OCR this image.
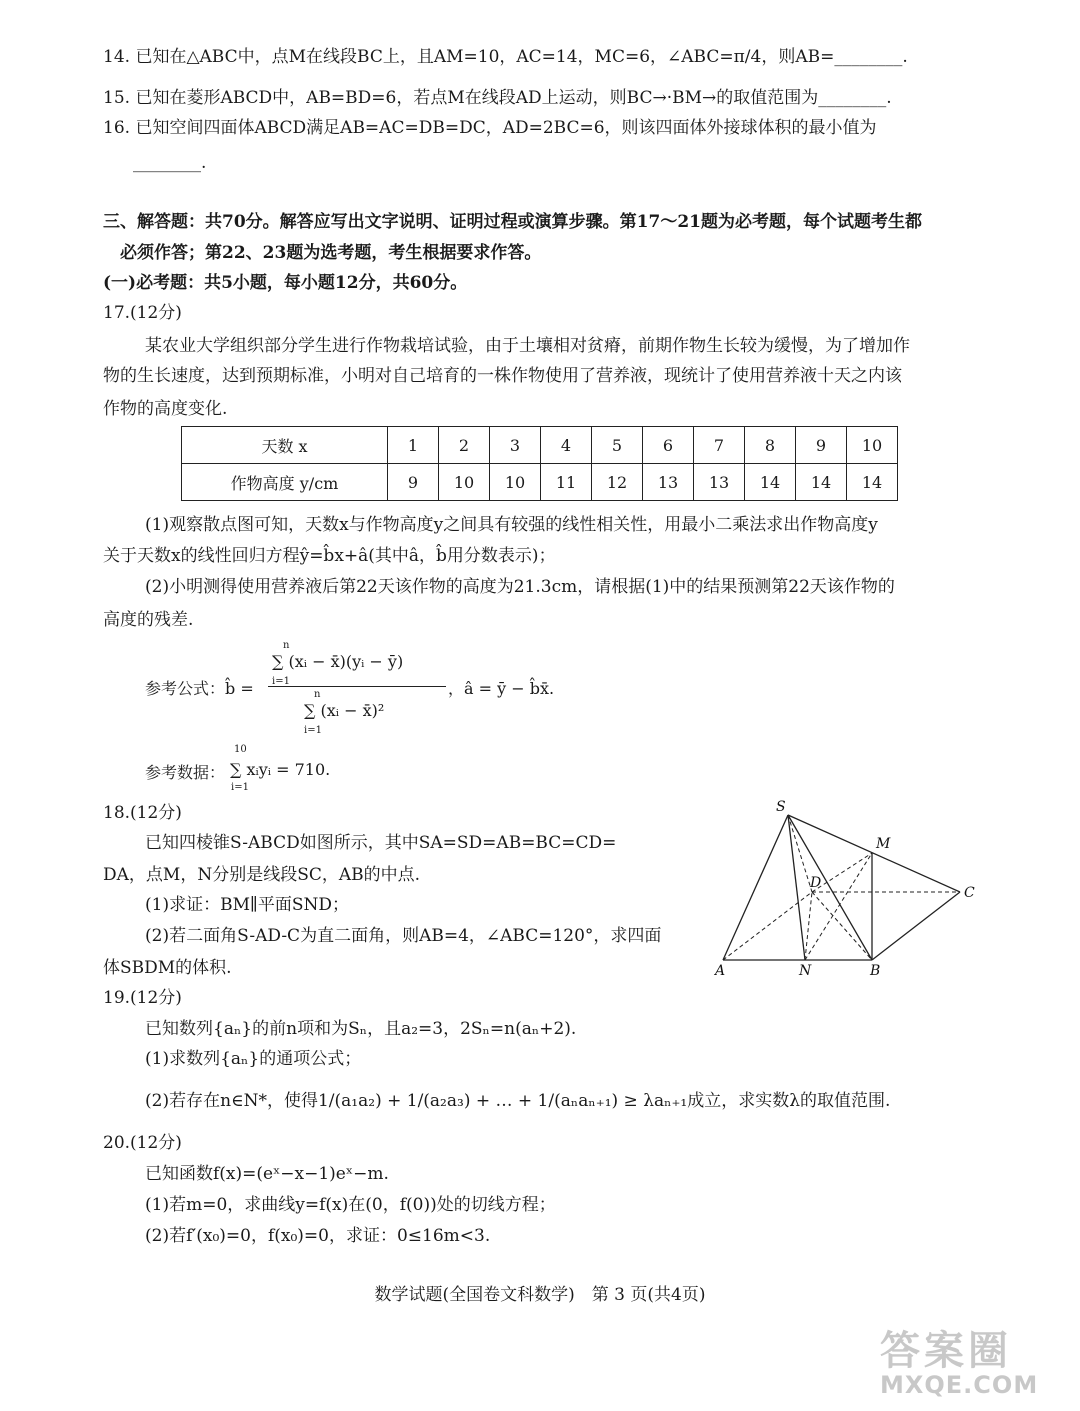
14. 已知在△ABC中，点M在线段BC上，且AM=10，AC=14，MC=6，∠ABC=π/4，则AB=________.
15. 已知在菱形ABCD中，AB=BD=6，若点M在线段AD上运动，则BC→·BM→的取值范围为________.
16. 已知空间四面体ABCD满足AB=AC=DB=DC，AD=2BC=6，则该四面体外接球体积的最小值为
________.
三、解答题：共70分。解答应写出文字说明、证明过程或演算步骤。第17～21题为必考题，每个试题考生都
必须作答；第22、23题为选考题，考生根据要求作答。
(一)必考题：共5小题，每小题12分，共60分。
17.(12分)
某农业大学组织部分学生进行作物栽培试验，由于土壤相对贫瘠，前期作物生长较为缓慢，为了增加作
物的生长速度，达到预期标准，小明对自己培育的一株作物使用了营养液，现统计了使用营养液十天之内该
作物的高度变化.
天数 x	1	2	3	4	5	6	7	8	9	10
作物高度 y/cm	9	10	10	11	12	13	13	14	14	14
(1)观察散点图可知，天数x与作物高度y之间具有较强的线性相关性，用最小二乘法求出作物高度y
关于天数x的线性回归方程ŷ=b̂x+â(其中â，b̂用分数表示)；
(2)小明测得使用营养液后第22天该作物的高度为21.3cm，请根据(1)中的结果预测第22天该作物的
高度的残差.
参考公式：b̂ =
n
i=1
∑ (xᵢ − x̄)(yᵢ − ȳ)
n
i=1
∑ (xᵢ − x̄)²
，â = ȳ − b̂x̄.
参考数据：
10
i=1
∑ xᵢyᵢ = 710.
18.(12分)
已知四棱锥S-ABCD如图所示，其中SA=SD=AB=BC=CD=
DA，点M，N分别是线段SC，AB的中点.
(1)求证：BM∥平面SND；
(2)若二面角S-AD-C为直二面角，则AB=4，∠ABC=120°，求四面
体SBDM的体积.
S
M
D
C
A	N	B
19.(12分)
已知数列{aₙ}的前n项和为Sₙ，且a₂=3，2Sₙ=n(aₙ+2).
(1)求数列{aₙ}的通项公式；
(2)若存在n∈N*，使得1/(a₁a₂) + 1/(a₂a₃) + … + 1/(aₙaₙ₊₁) ≥ λaₙ₊₁成立，求实数λ的取值范围.
20.(12分)
已知函数f(x)=(eˣ−x−1)eˣ−m.
(1)若m=0，求曲线y=f(x)在(0，f(0))处的切线方程；
(2)若f′(x₀)=0，f(x₀)=0，求证：0≤16m<3.
数学试题(全国卷文科数学)　第 3 页(共4页)
答案圈
MXQE.COM
